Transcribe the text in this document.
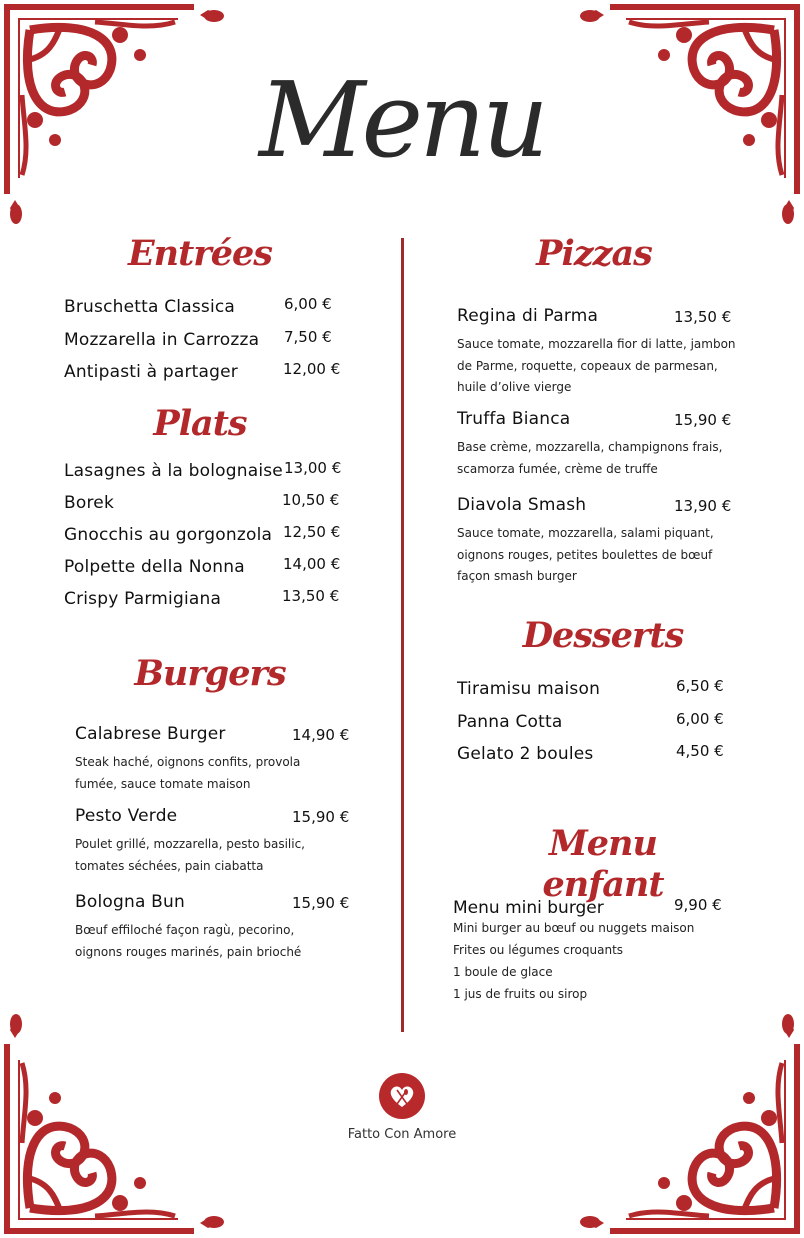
Menu
Entrées
Bruschetta Classica	6,00 €
Mozzarella in Carrozza 7,50 €
Antipasti à partager	12,00 €
Plats
Lasagnes à la bolognaise 13,00 €
Borek	10,50 €
Gnocchis au gorgonzola 12,50 €
Polpette della Nonna	14,00 €
Crispy Parmigiana	13,50 €
Burgers
Calabrese Burger	14,90 €
Steak haché, oignons confits, provola fumée, sauce tomate maison
Pesto Verde	15,90 €
Poulet grillé, mozzarella, pesto basilic, tomates séchées, pain ciabatta
Bologna Bun	15,90 €
Bœuf effiloché façon ragù, pecorino, oignons rouges marinés, pain brioché
Pizzas
Regina di Parma	13,50 €
Sauce tomate, mozzarella fior di latte, jambon de Parme, roquette, copeaux de parmesan, huile d’olive vierge
Truffa Bianca	15,90 €
Base crème, mozzarella, champignons frais, scamorza fumée, crème de truffe
Diavola Smash	13,90 €
Sauce tomate, mozzarella, salami piquant, oignons rouges, petites boulettes de bœuf façon smash burger
Desserts
Tiramisu maison	6,50 €
Panna Cotta	6,00 €
Gelato 2 boules	4,50 €
Menu enfant
Menu mini burger	9,90 €
Mini burger au bœuf ou nuggets maison
Frites ou légumes croquants
1 boule de glace
1 jus de fruits ou sirop
Fatto Con Amore
